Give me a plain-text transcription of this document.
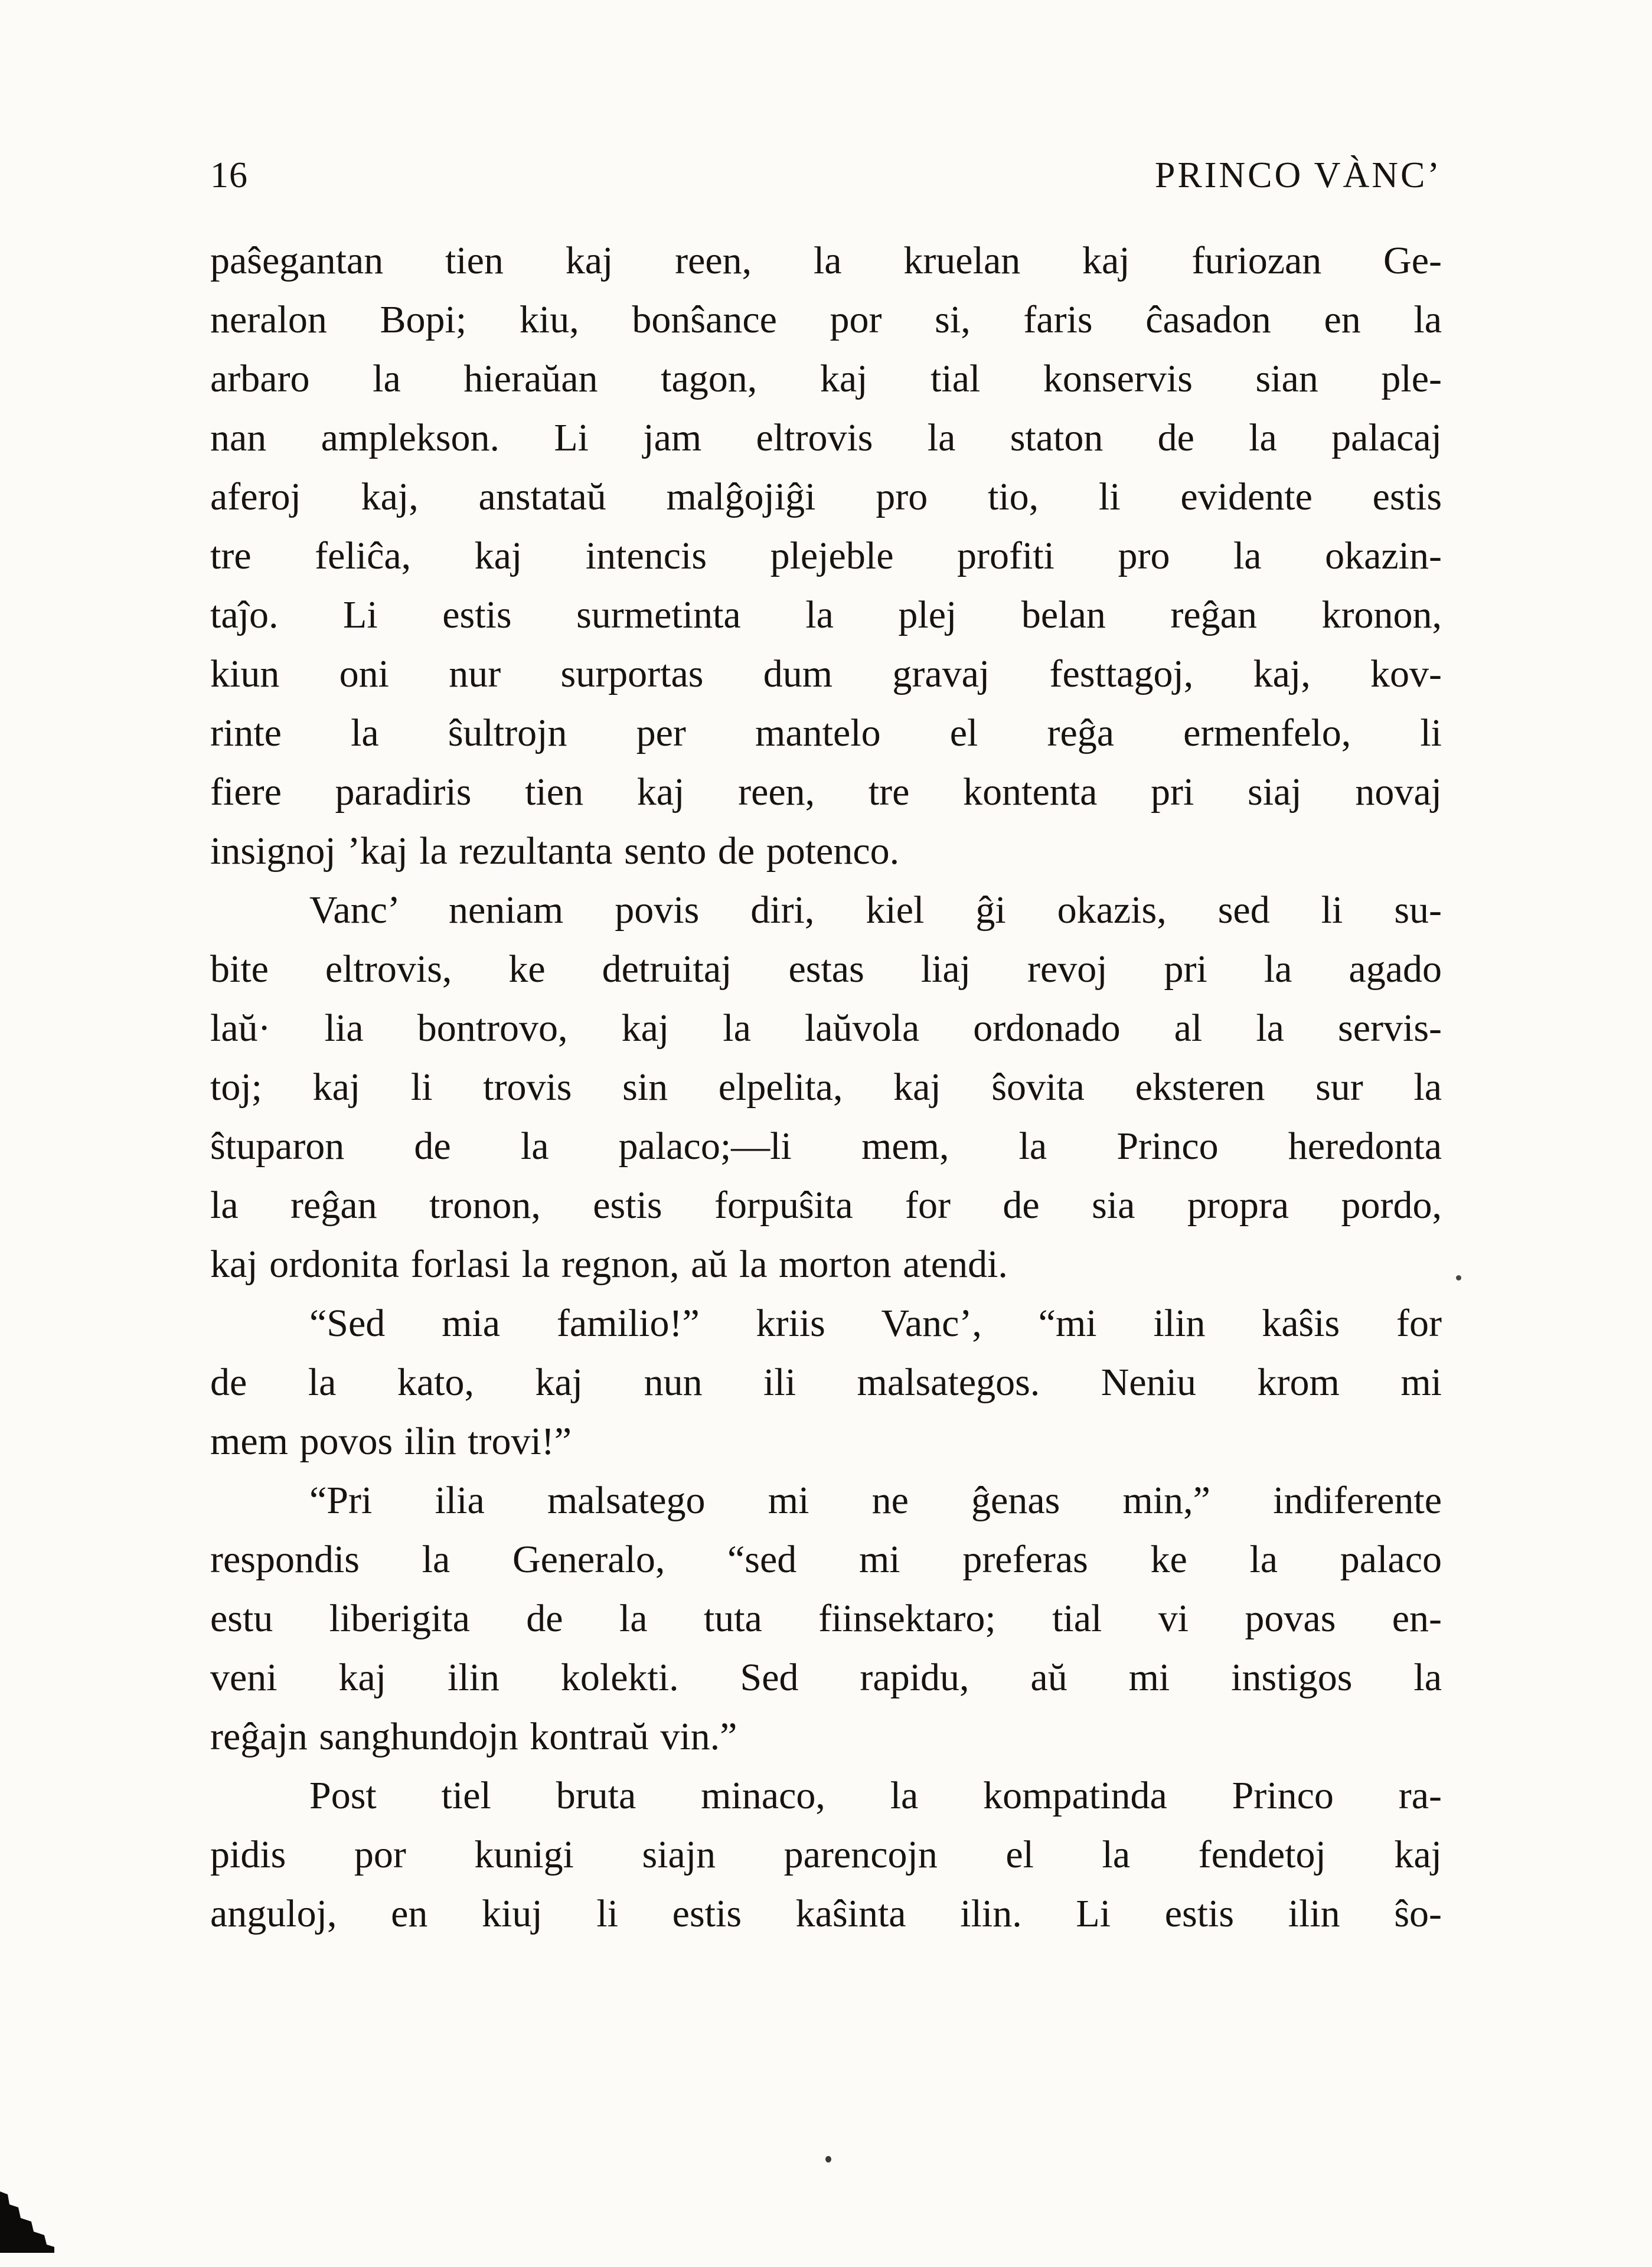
16	PRINCO VÀNC’
paŝegantan tien kaj reen, la kruelan kaj furiozan Ge-
neralon Bopi; kiu, bonŝance por si, faris ĉasadon en la
arbaro la hieraŭan tagon, kaj tial konservis sian ple-
nan amplekson. Li jam eltrovis la staton de la palacaj
aferoj kaj, anstataŭ malĝojiĝi pro tio, li evidente estis
tre feliĉa, kaj intencis plejeble profiti pro la okazin-
taĵo. Li estis surmetinta la plej belan reĝan kronon,
kiun oni nur surportas dum gravaj festtagoj, kaj, kov-
rinte la ŝultrojn per mantelo el reĝa ermenfelo, li
fiere paradiris tien kaj reen, tre kontenta pri siaj novaj
insignoj ’kaj la rezultanta sento de potenco.
Vanc’ neniam povis diri, kiel ĝi okazis, sed li su-
bite eltrovis, ke detruitaj estas liaj revoj pri la agado
laŭ· lia bontrovo, kaj la laŭvola ordonado al la servis-
toj; kaj li trovis sin elpelita, kaj ŝovita eksteren sur la
ŝtuparon de la palaco;—li mem, la Princo heredonta
la reĝan tronon, estis forpuŝita for de sia propra pordo,
kaj ordonita forlasi la regnon, aŭ la morton atendi.
“Sed mia familio!” kriis Vanc’, “mi ilin kaŝis for
de la kato, kaj nun ili malsategos. Neniu krom mi
mem povos ilin trovi!”
“Pri ilia malsatego mi ne ĝenas min,” indiferente
respondis la Generalo, “sed mi preferas ke la palaco
estu liberigita de la tuta fiinsektaro; tial vi povas en-
veni kaj ilin kolekti. Sed rapidu, aŭ mi instigos la
reĝajn sanghundojn kontraŭ vin.”
Post tiel bruta minaco, la kompatinda Princo ra-
pidis por kunigi siajn parencojn el la fendetoj kaj
anguloj, en kiuj li estis kaŝinta ilin. Li estis ilin ŝo-
